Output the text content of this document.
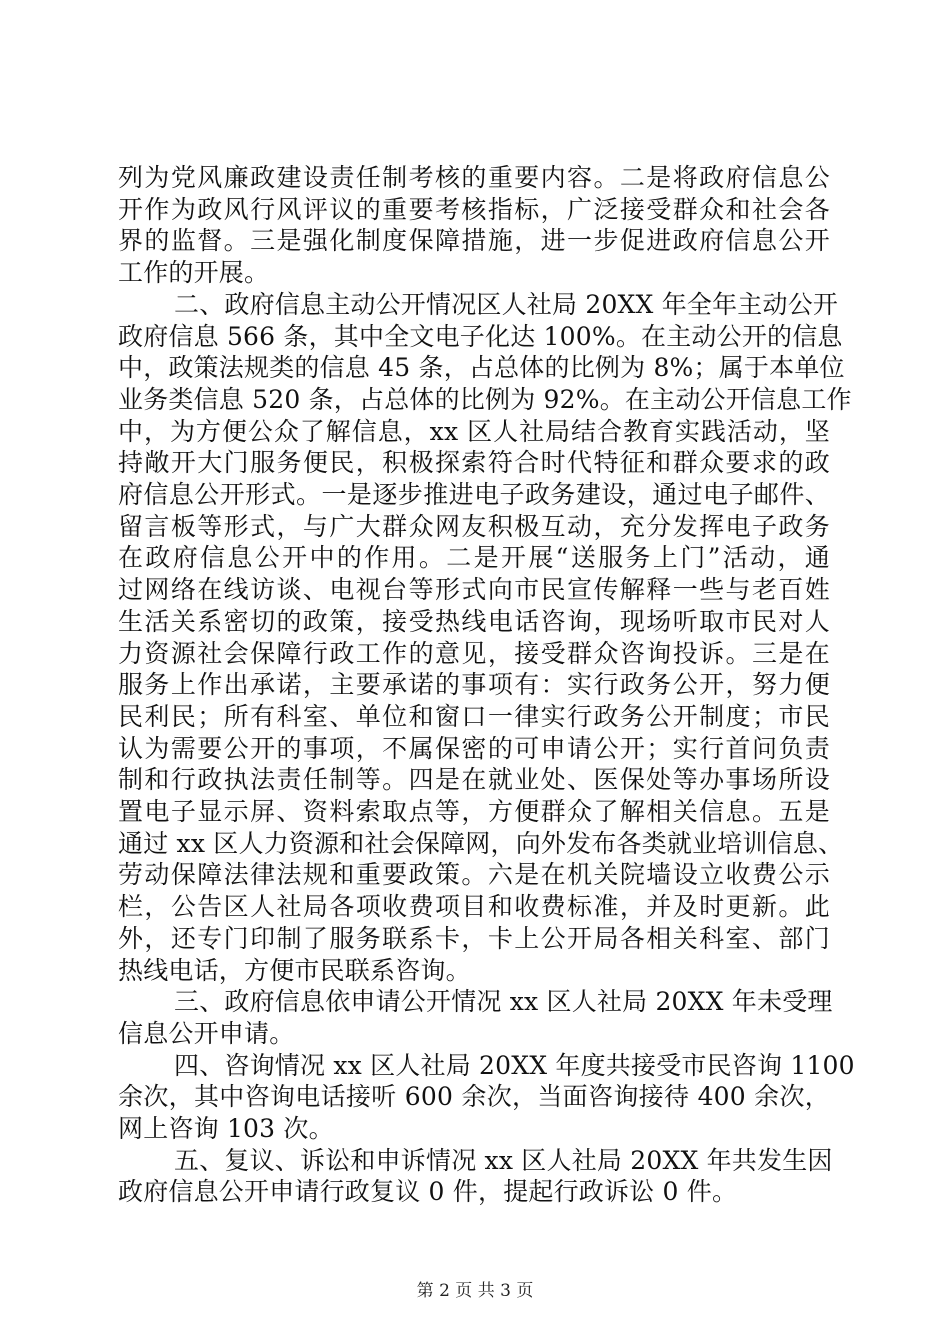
列为党风廉政建设责任制考核的重要内容。二是将政府信息公
开作为政风行风评议的重要考核指标，广泛接受群众和社会各
界的监督。三是强化制度保障措施，进一步促进政府信息公开
工作的开展。
二、政府信息主动公开情况区人社局 20XX 年全年主动公开
政府信息 566 条，其中全文电子化达 100%。在主动公开的信息
中，政策法规类的信息 45 条，占总体的比例为 8%；属于本单位
业务类信息 520 条，占总体的比例为 92%。在主动公开信息工作
中，为方便公众了解信息，xx 区人社局结合教育实践活动，坚
持敞开大门服务便民，积极探索符合时代特征和群众要求的政
府信息公开形式。一是逐步推进电子政务建设，通过电子邮件、
留言板等形式，与广大群众网友积极互动，充分发挥电子政务
在政府信息公开中的作用。二是开展“送服务上门”活动，通
过网络在线访谈、电视台等形式向市民宣传解释一些与老百姓
生活关系密切的政策，接受热线电话咨询，现场听取市民对人
力资源社会保障行政工作的意见，接受群众咨询投诉。三是在
服务上作出承诺，主要承诺的事项有：实行政务公开，努力便
民利民；所有科室、单位和窗口一律实行政务公开制度；市民
认为需要公开的事项，不属保密的可申请公开；实行首问负责
制和行政执法责任制等。四是在就业处、医保处等办事场所设
置电子显示屏、资料索取点等，方便群众了解相关信息。五是
通过 xx 区人力资源和社会保障网，向外发布各类就业培训信息、
劳动保障法律法规和重要政策。六是在机关院墙设立收费公示
栏，公告区人社局各项收费项目和收费标准，并及时更新。此
外，还专门印制了服务联系卡，卡上公开局各相关科室、部门
热线电话，方便市民联系咨询。
三、政府信息依申请公开情况 xx 区人社局 20XX 年未受理
信息公开申请。
四、咨询情况 xx 区人社局 20XX 年度共接受市民咨询 1100
余次，其中咨询电话接听 600 余次，当面咨询接待 400 余次，
网上咨询 103 次。
五、复议、诉讼和申诉情况 xx 区人社局 20XX 年共发生因
政府信息公开申请行政复议 0 件，提起行政诉讼 0 件。
第 2 页 共 3 页
